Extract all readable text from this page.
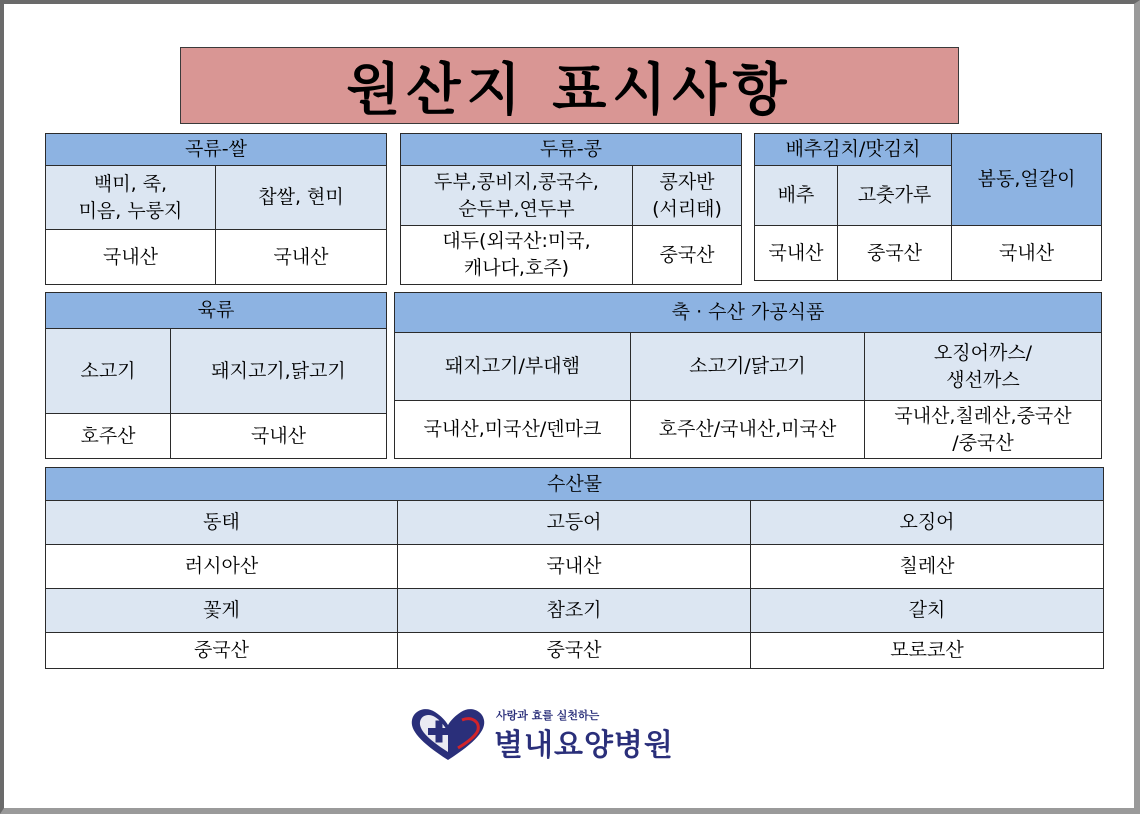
원산지 표시사항
곡류-쌀	
백미, 죽,
미음, 누룽지	찹쌀, 현미
국내산	국내산
두류-콩	
두부,콩비지,콩국수,
순두부,연두부	콩자반
(서리태)
대두(외국산:미국,
캐나다,호주)	중국산
배추김치/맛김치		봄동,얼갈이
배추	고춧가루	
국내산	중국산	국내산
육류	
소고기	돼지고기,닭고기
호주산	국내산
축 · 수산 가공식품		
돼지고기/부대햄	소고기/닭고기	오징어까스/
생선까스
국내산,미국산/덴마크	호주산/국내산,미국산	국내산,칠레산,중국산
/중국산
수산물		
동태	고등어	오징어
러시아산	국내산	칠레산
꽃게	참조기	갈치
중국산	중국산	모로코산
사랑과 효를 실천하는
별내요양병원
